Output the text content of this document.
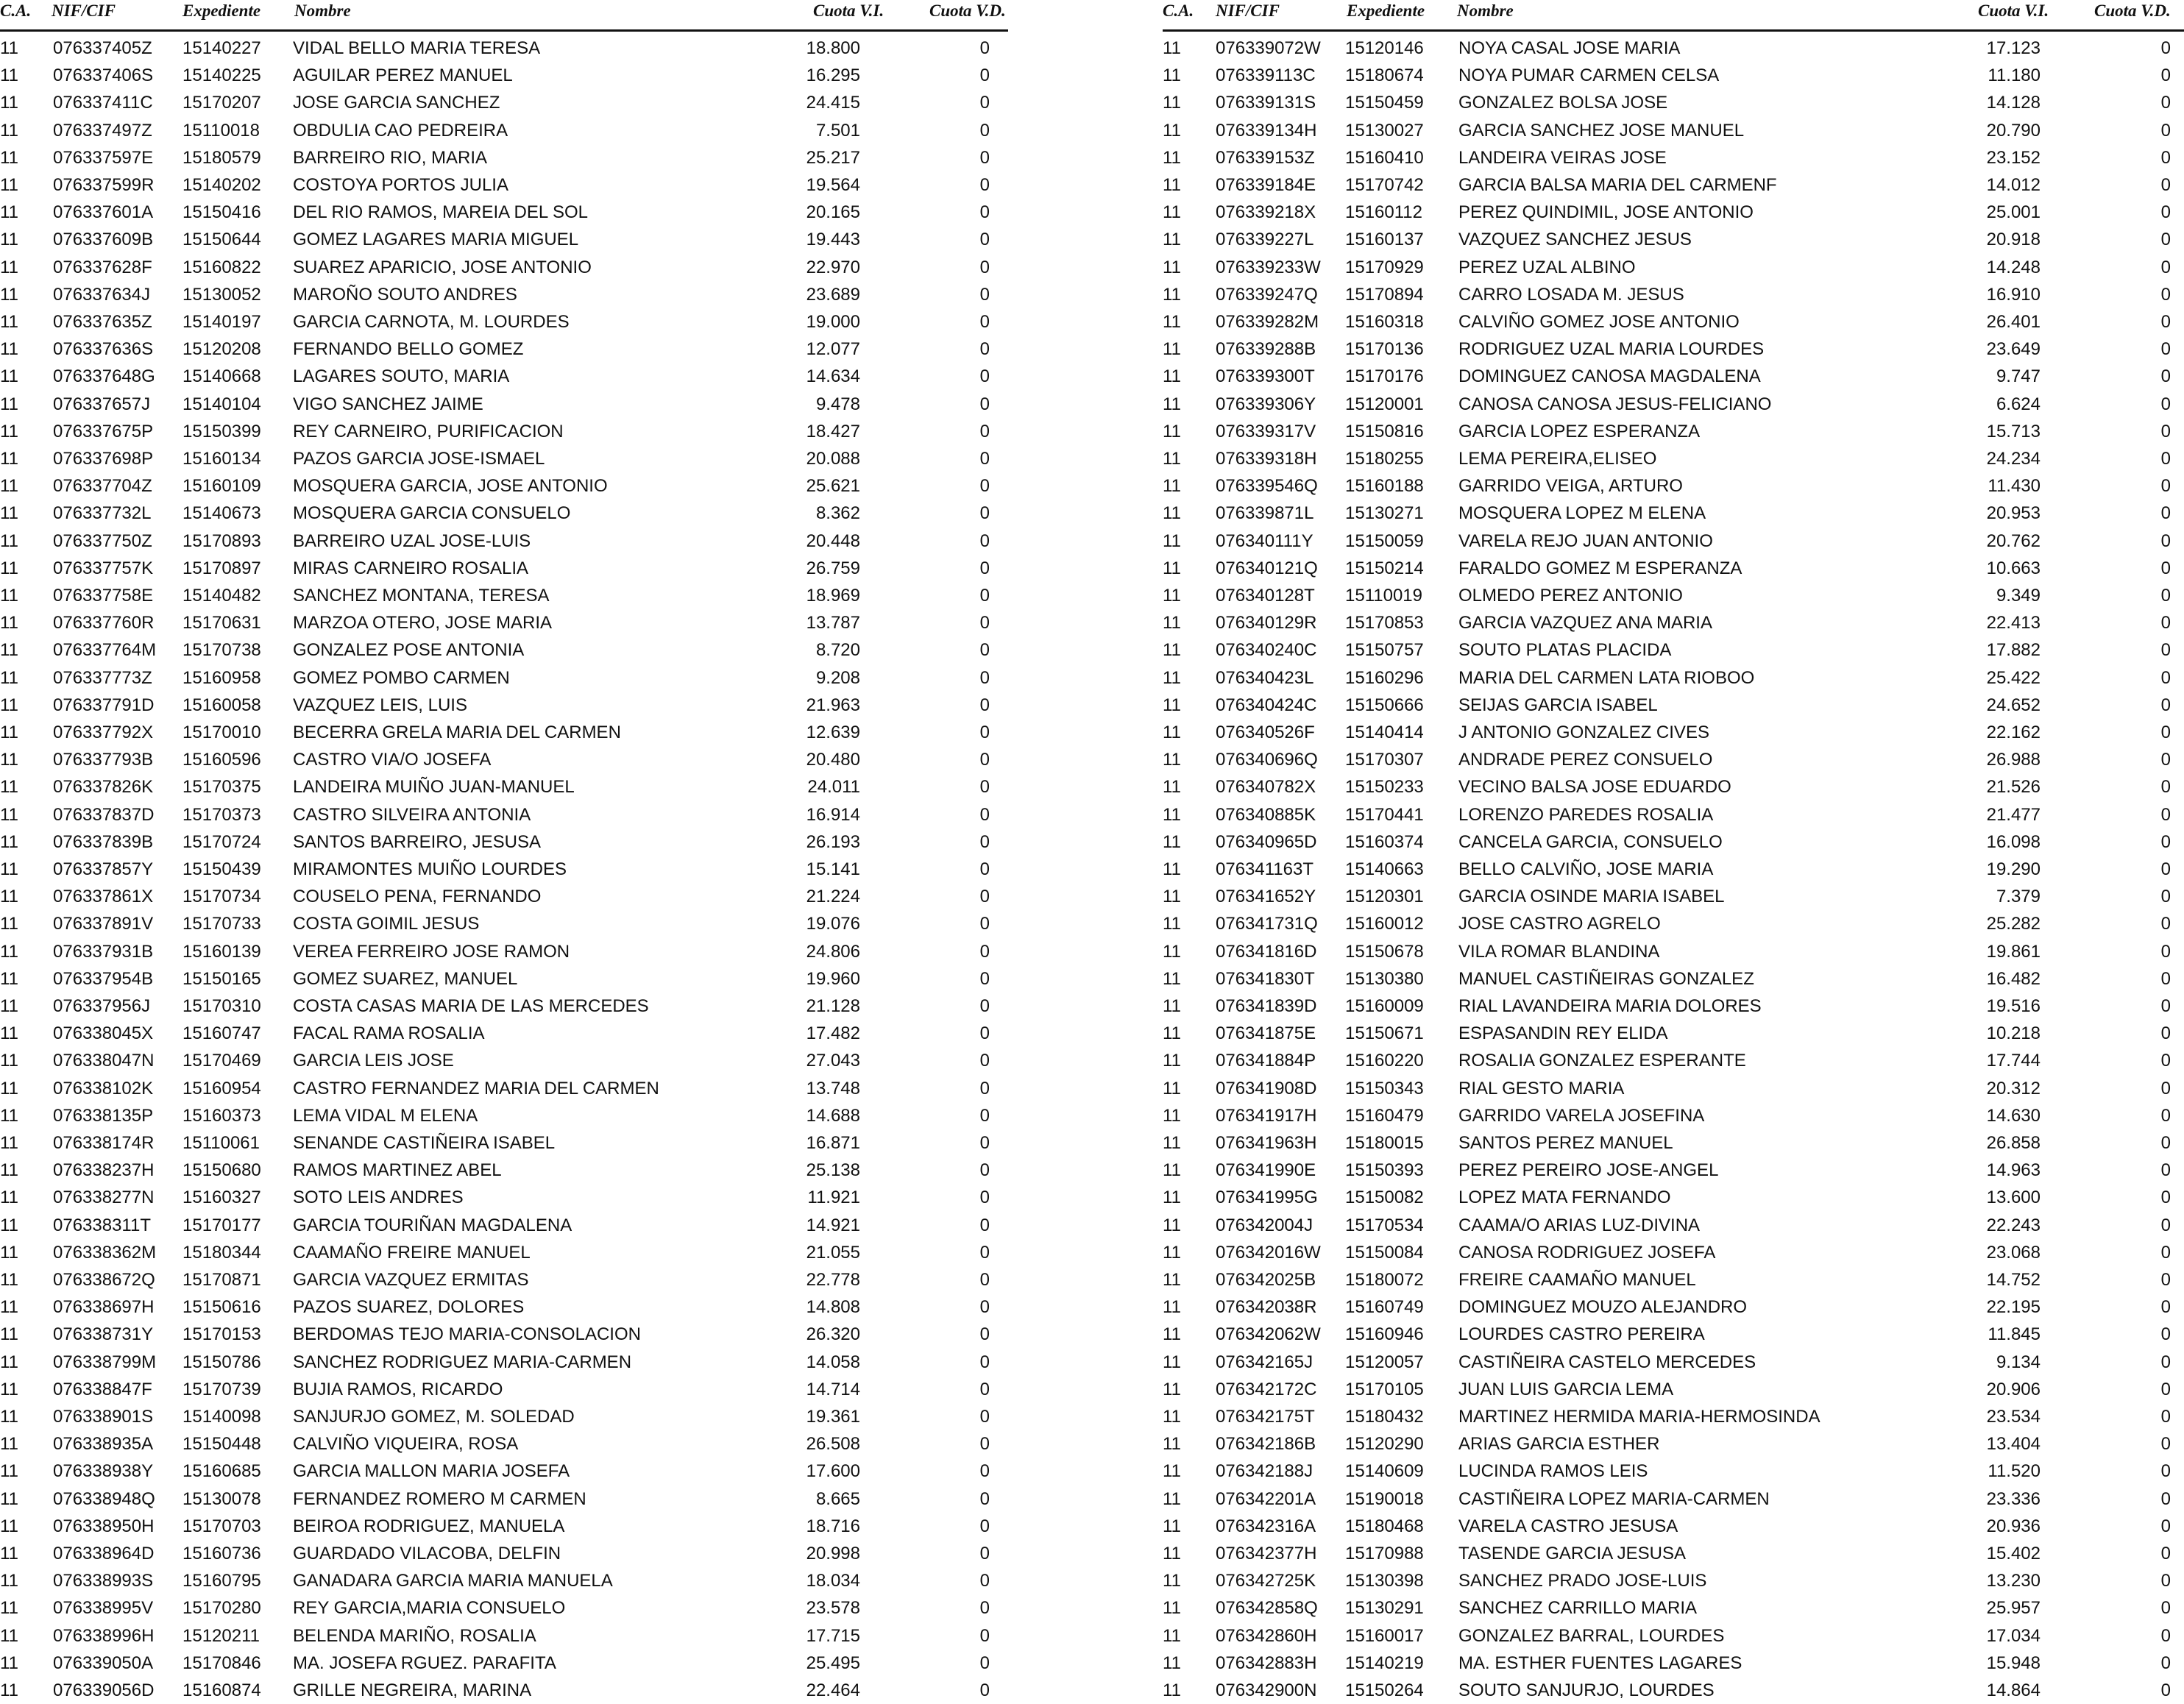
C.A. NIF/CIF	Expediente Nombre	Cuota V.I.	Cuota V.D.
11 076337405Z 15140227 VIDAL BELLO MARIA TERESA	18.800	0
11 076337406S 15140225 AGUILAR PEREZ MANUEL	16.295	0
11 076337411C 15170207 JOSE GARCIA SANCHEZ	24.415	0
11 076337497Z 15110018 OBDULIA CAO PEDREIRA	7.501	0
11 076337597E 15180579 BARREIRO RIO, MARIA	25.217	0
11 076337599R 15140202 COSTOYA PORTOS JULIA	19.564	0
11 076337601A 15150416 DEL RIO RAMOS, MAREIA DEL SOL	20.165	0
11 076337609B 15150644 GOMEZ LAGARES MARIA MIGUEL	19.443	0
11 076337628F 15160822 SUAREZ APARICIO, JOSE ANTONIO	22.970	0
11 076337634J 15130052 MAROÑO SOUTO ANDRES	23.689	0
11 076337635Z 15140197 GARCIA CARNOTA, M. LOURDES	19.000	0
11 076337636S 15120208 FERNANDO BELLO GOMEZ	12.077	0
11 076337648G 15140668 LAGARES SOUTO, MARIA	14.634	0
11 076337657J 15140104 VIGO SANCHEZ JAIME	9.478	0
11 076337675P 15150399 REY CARNEIRO, PURIFICACION	18.427	0
11 076337698P 15160134 PAZOS GARCIA JOSE-ISMAEL	20.088	0
11 076337704Z 15160109 MOSQUERA GARCIA, JOSE ANTONIO	25.621	0
11 076337732L 15140673 MOSQUERA GARCIA CONSUELO	8.362	0
11 076337750Z 15170893 BARREIRO UZAL JOSE-LUIS	20.448	0
11 076337757K 15170897 MIRAS CARNEIRO ROSALIA	26.759	0
11 076337758E 15140482 SANCHEZ MONTANA, TERESA	18.969	0
11 076337760R 15170631 MARZOA OTERO, JOSE MARIA	13.787	0
11 076337764M 15170738 GONZALEZ POSE ANTONIA	8.720	0
11 076337773Z 15160958 GOMEZ POMBO CARMEN	9.208	0
11 076337791D 15160058 VAZQUEZ LEIS, LUIS	21.963	0
11 076337792X 15170010 BECERRA GRELA MARIA DEL CARMEN	12.639	0
11 076337793B 15160596 CASTRO VIA/O JOSEFA	20.480	0
11 076337826K 15170375 LANDEIRA MUIÑO JUAN-MANUEL	24.011	0
11 076337837D 15170373 CASTRO SILVEIRA ANTONIA	16.914	0
11 076337839B 15170724 SANTOS BARREIRO, JESUSA	26.193	0
11 076337857Y 15150439 MIRAMONTES MUIÑO LOURDES	15.141	0
11 076337861X 15170734 COUSELO PENA, FERNANDO	21.224	0
11 076337891V 15170733 COSTA GOIMIL JESUS	19.076	0
11 076337931B 15160139 VEREA FERREIRO JOSE RAMON	24.806	0
11 076337954B 15150165 GOMEZ SUAREZ, MANUEL	19.960	0
11 076337956J 15170310 COSTA CASAS MARIA DE LAS MERCEDES	21.128	0
11 076338045X 15160747 FACAL RAMA ROSALIA	17.482	0
11 076338047N 15170469 GARCIA LEIS JOSE	27.043	0
11 076338102K 15160954 CASTRO FERNANDEZ MARIA DEL CARMEN	13.748	0
11 076338135P 15160373 LEMA VIDAL M ELENA	14.688	0
11 076338174R 15110061 SENANDE CASTIÑEIRA ISABEL	16.871	0
11 076338237H 15150680 RAMOS MARTINEZ ABEL	25.138	0
11 076338277N 15160327 SOTO LEIS ANDRES	11.921	0
11 076338311T 15170177 GARCIA TOURIÑAN MAGDALENA	14.921	0
11 076338362M 15180344 CAAMAÑO FREIRE MANUEL	21.055	0
11 076338672Q 15170871 GARCIA VAZQUEZ ERMITAS	22.778	0
11 076338697H 15150616 PAZOS SUAREZ, DOLORES	14.808	0
11 076338731Y 15170153 BERDOMAS TEJO MARIA-CONSOLACION	26.320	0
11 076338799M 15150786 SANCHEZ RODRIGUEZ MARIA-CARMEN	14.058	0
11 076338847F 15170739 BUJIA RAMOS, RICARDO	14.714	0
11 076338901S 15140098 SANJURJO GOMEZ, M. SOLEDAD	19.361	0
11 076338935A 15150448 CALVIÑO VIQUEIRA, ROSA	26.508	0
11 076338938Y 15160685 GARCIA MALLON MARIA JOSEFA	17.600	0
11 076338948Q 15130078 FERNANDEZ ROMERO M CARMEN	8.665	0
11 076338950H 15170703 BEIROA RODRIGUEZ, MANUELA	18.716	0
11 076338964D 15160736 GUARDADO VILACOBA, DELFIN	20.998	0
11 076338993S 15160795 GANADARA GARCIA MARIA MANUELA	18.034	0
11 076338995V 15170280 REY GARCIA,MARIA CONSUELO	23.578	0
11 076338996H 15120211 BELENDA MARIÑO, ROSALIA	17.715	0
11 076339050A 15170846 MA. JOSEFA RGUEZ. PARAFITA	25.495	0
11 076339056D 15160874 GRILLE NEGREIRA, MARINA	22.464	0
C.A. NIF/CIF	Expediente Nombre	Cuota V.I.	Cuota V.D.
11 076339072W 15120146 NOYA CASAL JOSE MARIA	17.123	0
11 076339113C 15180674 NOYA PUMAR CARMEN CELSA	11.180	0
11 076339131S 15150459 GONZALEZ BOLSA JOSE	14.128	0
11 076339134H 15130027 GARCIA SANCHEZ JOSE MANUEL	20.790	0
11 076339153Z 15160410 LANDEIRA VEIRAS JOSE	23.152	0
11 076339184E 15170742 GARCIA BALSA MARIA DEL CARMENF	14.012	0
11 076339218X 15160112 PEREZ QUINDIMIL, JOSE ANTONIO	25.001	0
11 076339227L 15160137 VAZQUEZ SANCHEZ JESUS	20.918	0
11 076339233W 15170929 PEREZ UZAL ALBINO	14.248	0
11 076339247Q 15170894 CARRO LOSADA M. JESUS	16.910	0
11 076339282M 15160318 CALVIÑO GOMEZ JOSE ANTONIO	26.401	0
11 076339288B 15170136 RODRIGUEZ UZAL MARIA LOURDES	23.649	0
11 076339300T 15170176 DOMINGUEZ CANOSA MAGDALENA	9.747	0
11 076339306Y 15120001 CANOSA CANOSA JESUS-FELICIANO	6.624	0
11 076339317V 15150816 GARCIA LOPEZ ESPERANZA	15.713	0
11 076339318H 15180255 LEMA PEREIRA,ELISEO	24.234	0
11 076339546Q 15160188 GARRIDO VEIGA, ARTURO	11.430	0
11 076339871L 15130271 MOSQUERA LOPEZ M ELENA	20.953	0
11 076340111Y 15150059 VARELA REJO JUAN ANTONIO	20.762	0
11 076340121Q 15150214 FARALDO GOMEZ M ESPERANZA	10.663	0
11 076340128T 15110019 OLMEDO PEREZ ANTONIO	9.349	0
11 076340129R 15170853 GARCIA VAZQUEZ ANA MARIA	22.413	0
11 076340240C 15150757 SOUTO PLATAS PLACIDA	17.882	0
11 076340423L 15160296 MARIA DEL CARMEN LATA RIOBOO	25.422	0
11 076340424C 15150666 SEIJAS GARCIA ISABEL	24.652	0
11 076340526F 15140414 J ANTONIO GONZALEZ CIVES	22.162	0
11 076340696Q 15170307 ANDRADE PEREZ CONSUELO	26.988	0
11 076340782X 15150233 VECINO BALSA JOSE EDUARDO	21.526	0
11 076340885K 15170441 LORENZO PAREDES ROSALIA	21.477	0
11 076340965D 15160374 CANCELA GARCIA, CONSUELO	16.098	0
11 076341163T 15140663 BELLO CALVIÑO, JOSE MARIA	19.290	0
11 076341652Y 15120301 GARCIA OSINDE MARIA ISABEL	7.379	0
11 076341731Q 15160012 JOSE CASTRO AGRELO	25.282	0
11 076341816D 15150678 VILA ROMAR BLANDINA	19.861	0
11 076341830T 15130380 MANUEL CASTIÑEIRAS GONZALEZ	16.482	0
11 076341839D 15160009 RIAL LAVANDEIRA MARIA DOLORES	19.516	0
11 076341875E 15150671 ESPASANDIN REY ELIDA	10.218	0
11 076341884P 15160220 ROSALIA GONZALEZ ESPERANTE	17.744	0
11 076341908D 15150343 RIAL GESTO MARIA	20.312	0
11 076341917H 15160479 GARRIDO VARELA JOSEFINA	14.630	0
11 076341963H 15180015 SANTOS PEREZ MANUEL	26.858	0
11 076341990E 15150393 PEREZ PEREIRO JOSE-ANGEL	14.963	0
11 076341995G 15150082 LOPEZ MATA FERNANDO	13.600	0
11 076342004J 15170534 CAAMA/O ARIAS LUZ-DIVINA	22.243	0
11 076342016W 15150084 CANOSA RODRIGUEZ JOSEFA	23.068	0
11 076342025B 15180072 FREIRE CAAMAÑO MANUEL	14.752	0
11 076342038R 15160749 DOMINGUEZ MOUZO ALEJANDRO	22.195	0
11 076342062W 15160946 LOURDES CASTRO PEREIRA	11.845	0
11 076342165J 15120057 CASTIÑEIRA CASTELO MERCEDES	9.134	0
11 076342172C 15170105 JUAN LUIS GARCIA LEMA	20.906	0
11 076342175T 15180432 MARTINEZ HERMIDA MARIA-HERMOSINDA	23.534	0
11 076342186B 15120290 ARIAS GARCIA ESTHER	13.404	0
11 076342188J 15140609 LUCINDA RAMOS LEIS	11.520	0
11 076342201A 15190018 CASTIÑEIRA LOPEZ MARIA-CARMEN	23.336	0
11 076342316A 15180468 VARELA CASTRO JESUSA	20.936	0
11 076342377H 15170988 TASENDE GARCIA JESUSA	15.402	0
11 076342725K 15130398 SANCHEZ PRADO JOSE-LUIS	13.230	0
11 076342858Q 15130291 SANCHEZ CARRILLO MARIA	25.957	0
11 076342860H 15160017 GONZALEZ BARRAL, LOURDES	17.034	0
11 076342883H 15140219 MA. ESTHER FUENTES LAGARES	15.948	0
11 076342900N 15150264 SOUTO SANJURJO, LOURDES	14.864	0
